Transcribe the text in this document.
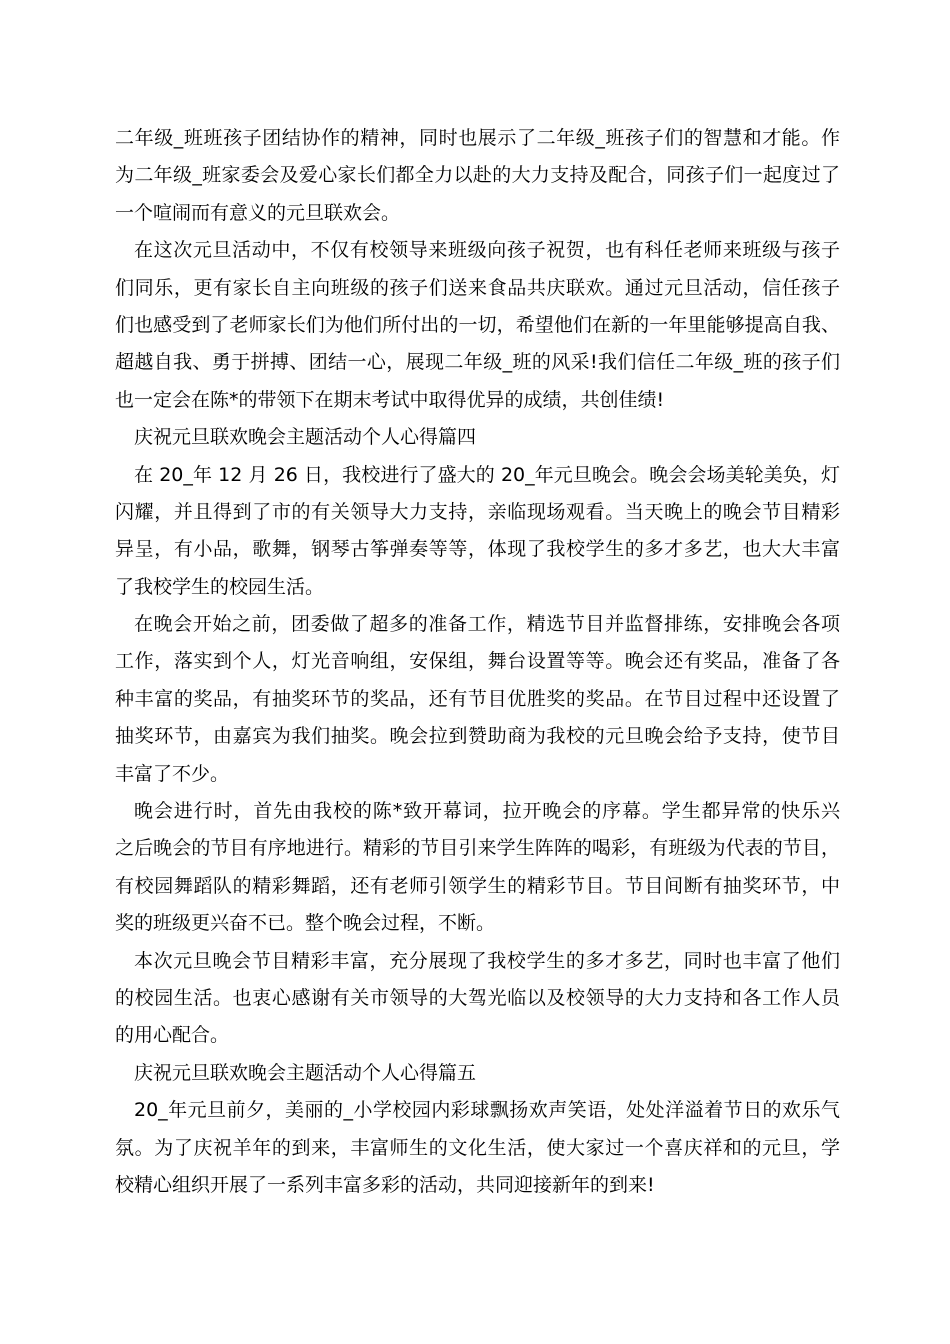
二年级_班班孩子团结协作的精神，同时也展示了二年级_班孩子们的智慧和才能。作
为二年级_班家委会及爱心家长们都全力以赴的大力支持及配合，同孩子们一起度过了
一个喧闹而有意义的元旦联欢会。
在这次元旦活动中，不仅有校领导来班级向孩子祝贺，也有科任老师来班级与孩子
们同乐，更有家长自主向班级的孩子们送来食品共庆联欢。通过元旦活动，信任孩子
们也感受到了老师家长们为他们所付出的一切，希望他们在新的一年里能够提高自我、
超越自我、勇于拼搏、团结一心，展现二年级_班的风采!我们信任二年级_班的孩子们
也一定会在陈*的带领下在期末考试中取得优异的成绩，共创佳绩!
庆祝元旦联欢晚会主题活动个人心得篇四
在 20_年 12 月 26 日，我校进行了盛大的 20_年元旦晚会。晚会会场美轮美奂，灯
闪耀，并且得到了市的有关领导大力支持，亲临现场观看。当天晚上的晚会节目精彩
异呈，有小品，歌舞，钢琴古筝弹奏等等，体现了我校学生的多才多艺，也大大丰富
了我校学生的校园生活。
在晚会开始之前，团委做了超多的准备工作，精选节目并监督排练，安排晚会各项
工作，落实到个人，灯光音响组，安保组，舞台设置等等。晚会还有奖品，准备了各
种丰富的奖品，有抽奖环节的奖品，还有节目优胜奖的奖品。在节目过程中还设置了
抽奖环节，由嘉宾为我们抽奖。晚会拉到赞助商为我校的元旦晚会给予支持，使节目
丰富了不少。
晚会进行时，首先由我校的陈*致开幕词，拉开晚会的序幕。学生都异常的快乐兴
之后晚会的节目有序地进行。精彩的节目引来学生阵阵的喝彩，有班级为代表的节目，
有校园舞蹈队的精彩舞蹈，还有老师引领学生的精彩节目。节目间断有抽奖环节，中
奖的班级更兴奋不已。整个晚会过程，不断。
本次元旦晚会节目精彩丰富，充分展现了我校学生的多才多艺，同时也丰富了他们
的校园生活。也衷心感谢有关市领导的大驾光临以及校领导的大力支持和各工作人员
的用心配合。
庆祝元旦联欢晚会主题活动个人心得篇五
20_年元旦前夕，美丽的_小学校园内彩球飘扬欢声笑语，处处洋溢着节日的欢乐气
氛。为了庆祝羊年的到来，丰富师生的文化生活，使大家过一个喜庆祥和的元旦，学
校精心组织开展了一系列丰富多彩的活动，共同迎接新年的到来!
